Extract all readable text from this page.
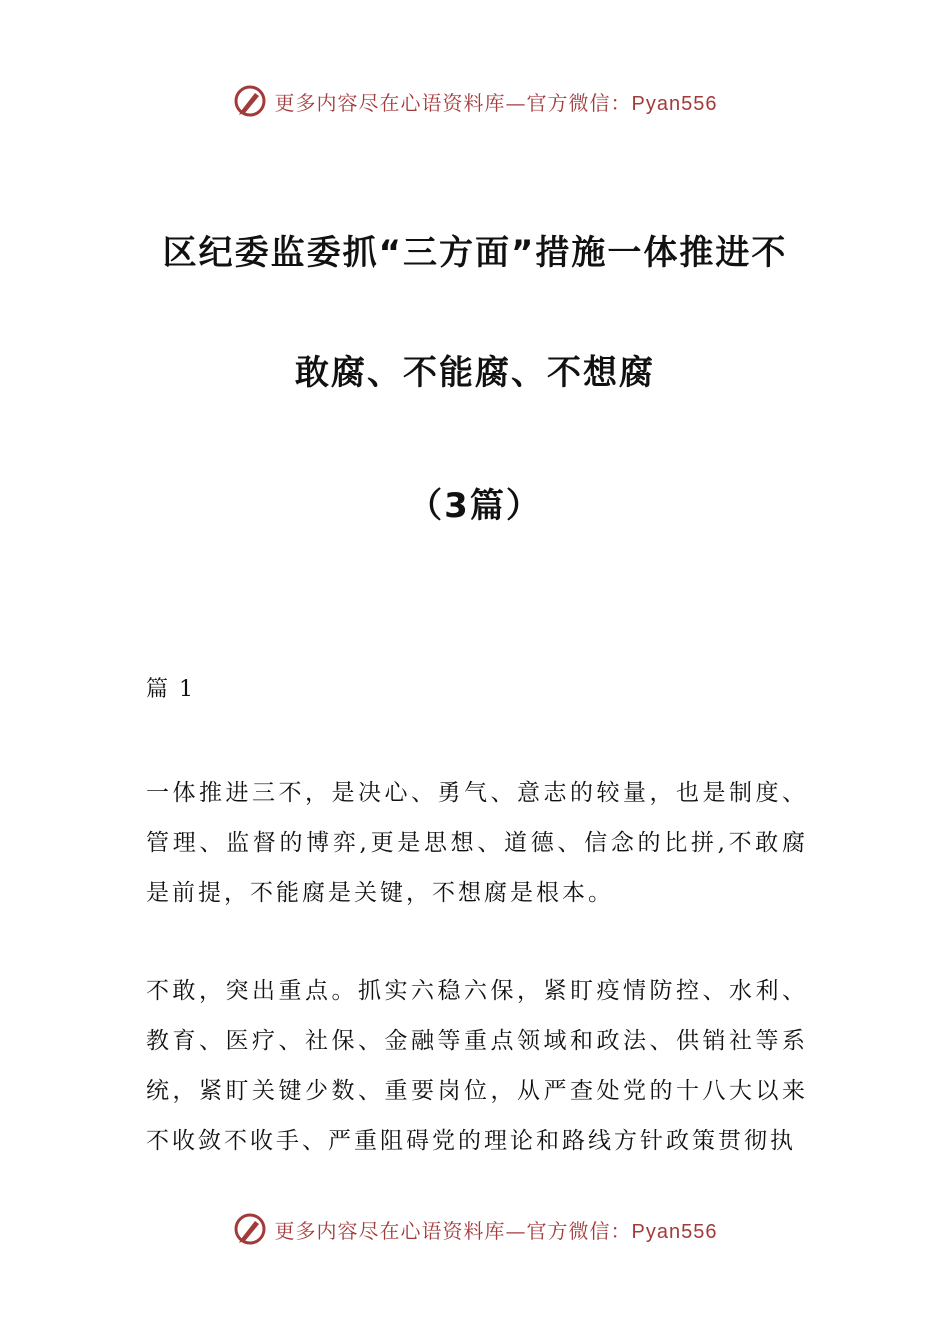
更多内容尽在心语资料库—官方微信：Pyan556
区纪委监委抓“三方面”措施一体推进不
敢腐、不能腐、不想腐
（3篇）
篇 1

一体推进三不，是决心、勇气、意志的较量，也是制度、管理、监督的博弈,更是思想、道德、信念的比拼,不敢腐是前提，不能腐是关键，不想腐是根本。

不敢，突出重点。抓实六稳六保，紧盯疫情防控、水利、教育、医疗、社保、金融等重点领域和政法、供销社等系统，紧盯关键少数、重要岗位，从严查处党的十八大以来不收敛不收手、严重阻碍党的理论和路线方针政策贯彻执

更多内容尽在心语资料库—官方微信：Pyan556
